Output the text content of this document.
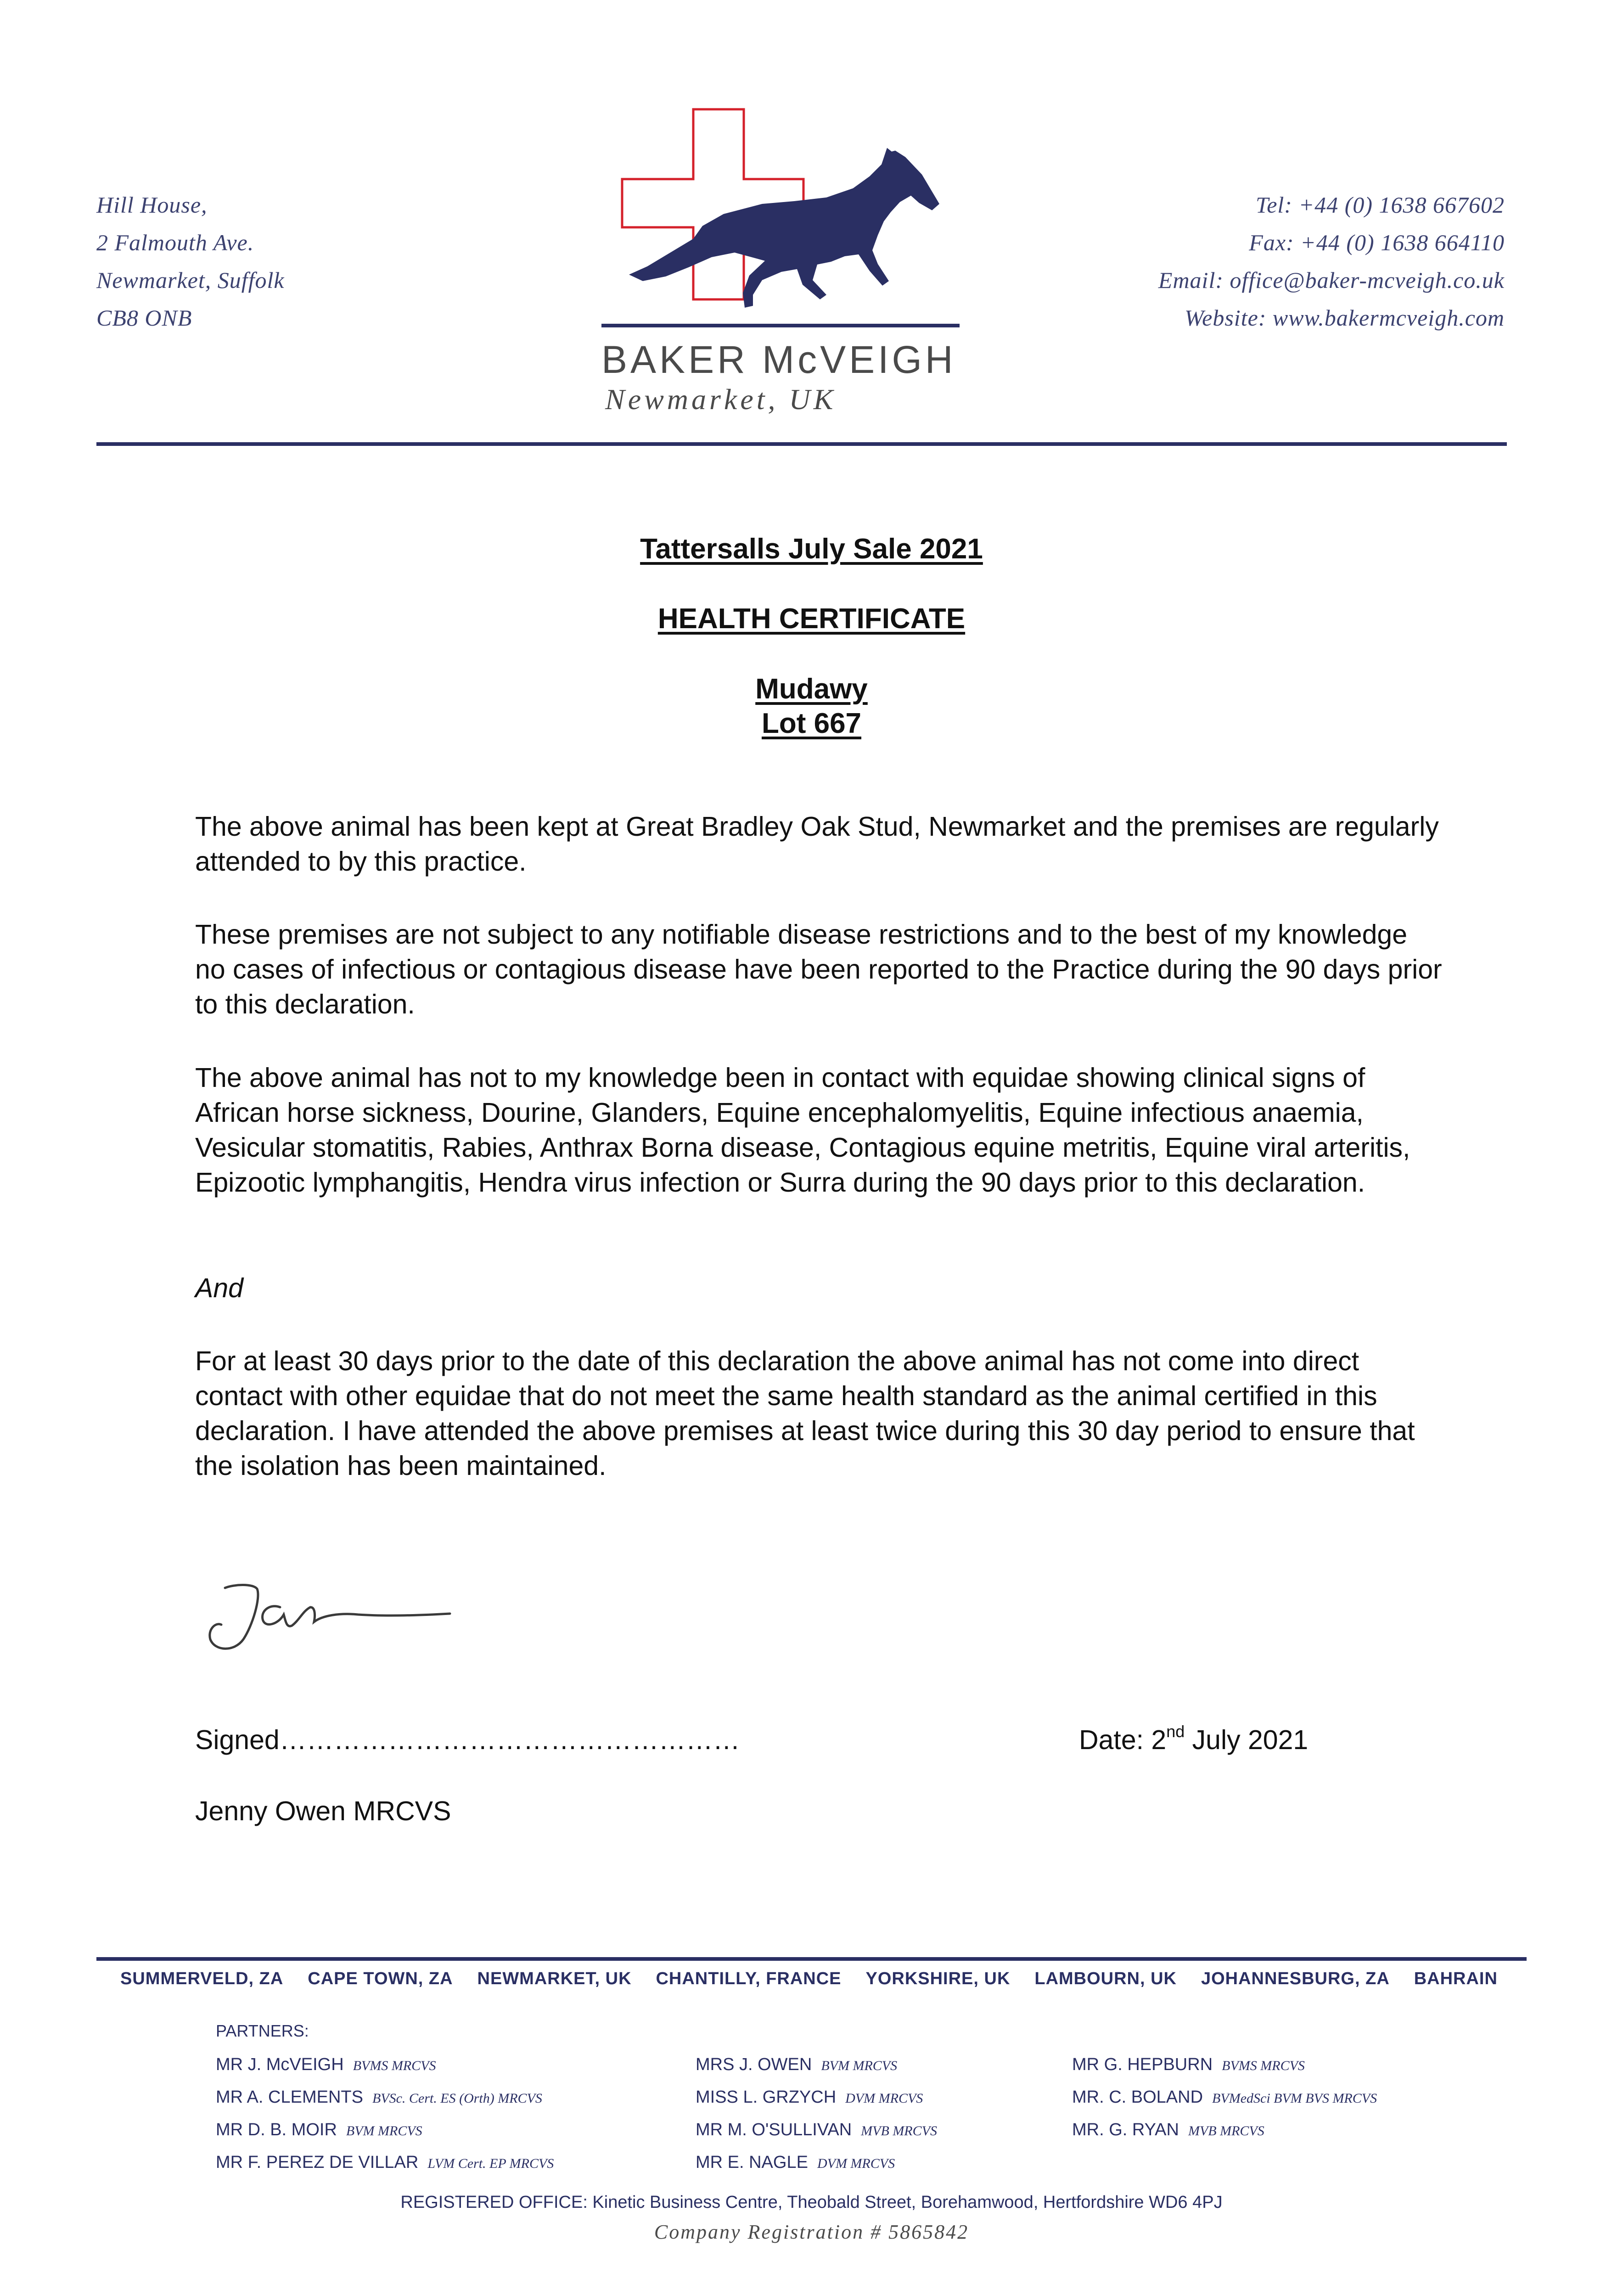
Hill House,
2 Falmouth Ave.
Newmarket, Suffolk
CB8 ONB
BAKER McVEIGH
Newmarket, UK
Tel: +44 (0) 1638 667602
Fax: +44 (0) 1638 664110
Email: office@baker-mcveigh.co.uk
Website: www.bakermcveigh.com
Tattersalls July Sale 2021
HEALTH CERTIFICATE
Mudawy
Lot 667
The above animal has been kept at Great Bradley Oak Stud, Newmarket and the premises are regularly attended to by this practice.
These premises are not subject to any notifiable disease restrictions and to the best of my knowledge no cases of infectious or contagious disease have been reported to the Practice during the 90 days prior to this declaration.
The above animal has not to my knowledge been in contact with equidae showing clinical signs of African horse sickness, Dourine, Glanders, Equine encephalomyelitis, Equine infectious anaemia, Vesicular stomatitis, Rabies, Anthrax Borna disease, Contagious equine metritis, Equine viral arteritis, Epizootic lymphangitis, Hendra virus infection or Surra during the 90 days prior to this declaration.
And
For at least 30 days prior to the date of this declaration the above animal has not come into direct contact with other equidae that do not meet the same health standard as the animal certified in this declaration. I have attended the above premises at least twice during this 30 day period to ensure that the isolation has been maintained.
Signed……………………………………………	Date: 2nd July 2021
Jenny Owen MRCVS
SUMMERVELD, ZA CAPE TOWN, ZA NEWMARKET, UK CHANTILLY, FRANCE YORKSHIRE, UK LAMBOURN, UK JOHANNESBURG, ZA BAHRAIN
PARTNERS:
MR J. McVEIGH BVMS MRCVS
MR A. CLEMENTS BVSc. Cert. ES (Orth) MRCVS
MR D. B. MOIR BVM MRCVS
MR F. PEREZ DE VILLAR LVM Cert. EP MRCVS
MRS J. OWEN BVM MRCVS
MISS L. GRZYCH DVM MRCVS
MR M. O'SULLIVAN MVB MRCVS
MR E. NAGLE DVM MRCVS
MR G. HEPBURN BVMS MRCVS
MR. C. BOLAND BVMedSci BVM BVS MRCVS
MR. G. RYAN MVB MRCVS
REGISTERED OFFICE: Kinetic Business Centre, Theobald Street, Borehamwood, Hertfordshire WD6 4PJ
Company Registration # 5865842
